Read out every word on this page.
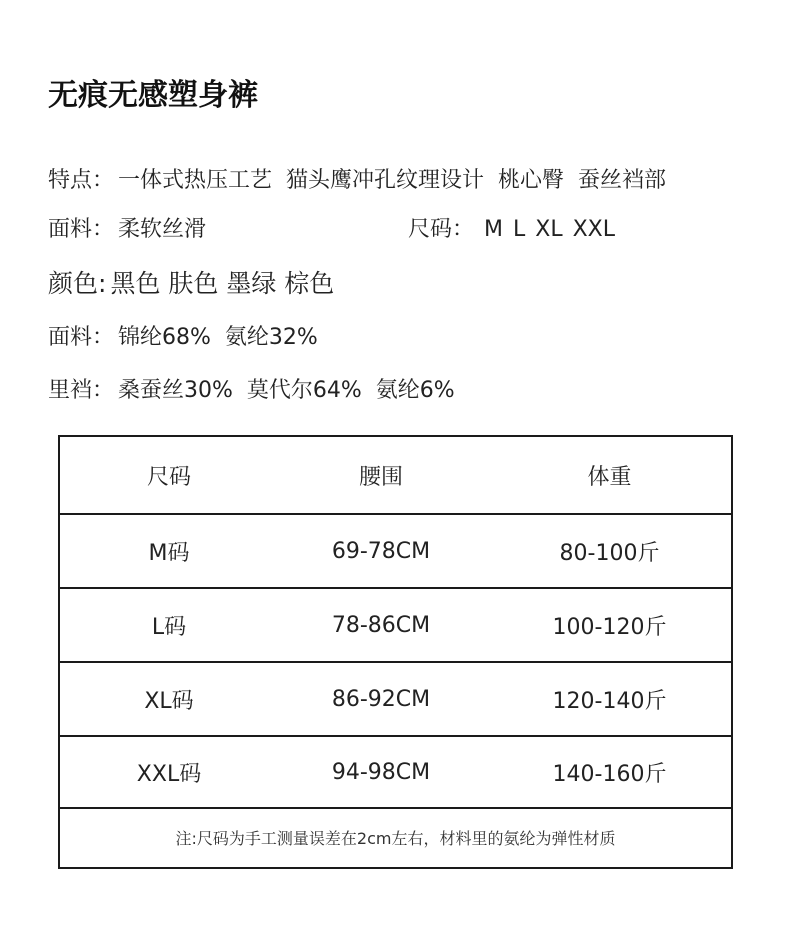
无痕无感塑身裤
特点： 一体式热压工艺  猫头鹰冲孔纹理设计  桃心臀  蚕丝裆部
面料： 柔软丝滑	尺码： M L XL XXL
颜色: 黑色 肤色 墨绿 棕色
面料： 锦纶68%  氨纶32%
里裆： 桑蚕丝30%  莫代尔64%  氨纶6%
尺码	腰围	体重
M码	69-78CM	80-100斤
L码	78-86CM	100-120斤
XL码	86-92CM	120-140斤
XXL码	94-98CM	140-160斤
注:尺码为手工测量误差在2cm左右，材料里的氨纶为弹性材质
